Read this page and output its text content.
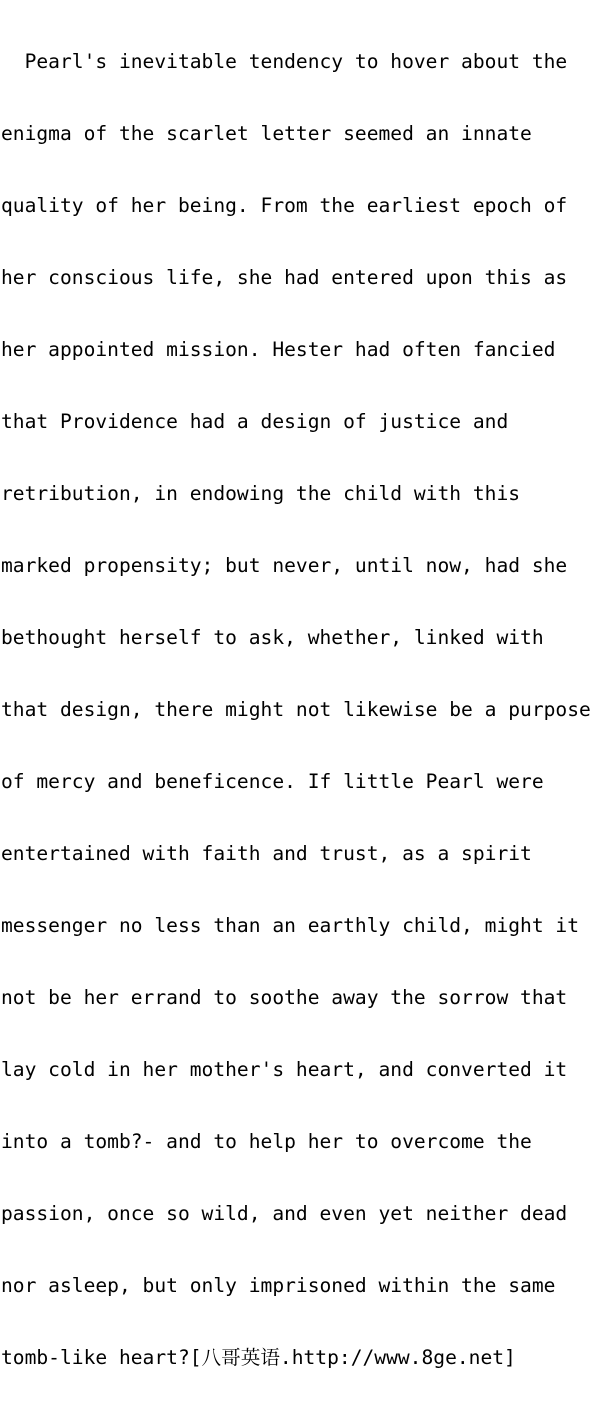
Pearl's inevitable tendency to hover about the

enigma of the scarlet letter seemed an innate

quality of her being. From the earliest epoch of

her conscious life, she had entered upon this as

her appointed mission. Hester had often fancied

that Providence had a design of justice and

retribution, in endowing the child with this

marked propensity; but never, until now, had she

bethought herself to ask, whether, linked with

that design, there might not likewise be a purpose

of mercy and beneficence. If little Pearl were

entertained with faith and trust, as a spirit

messenger no less than an earthly child, might it

not be her errand to soothe away the sorrow that

lay cold in her mother's heart, and converted it

into a tomb?- and to help her to overcome the

passion, once so wild, and even yet neither dead

nor asleep, but only imprisoned within the same

tomb-like heart?[八哥英语.http://www.8ge.net]
